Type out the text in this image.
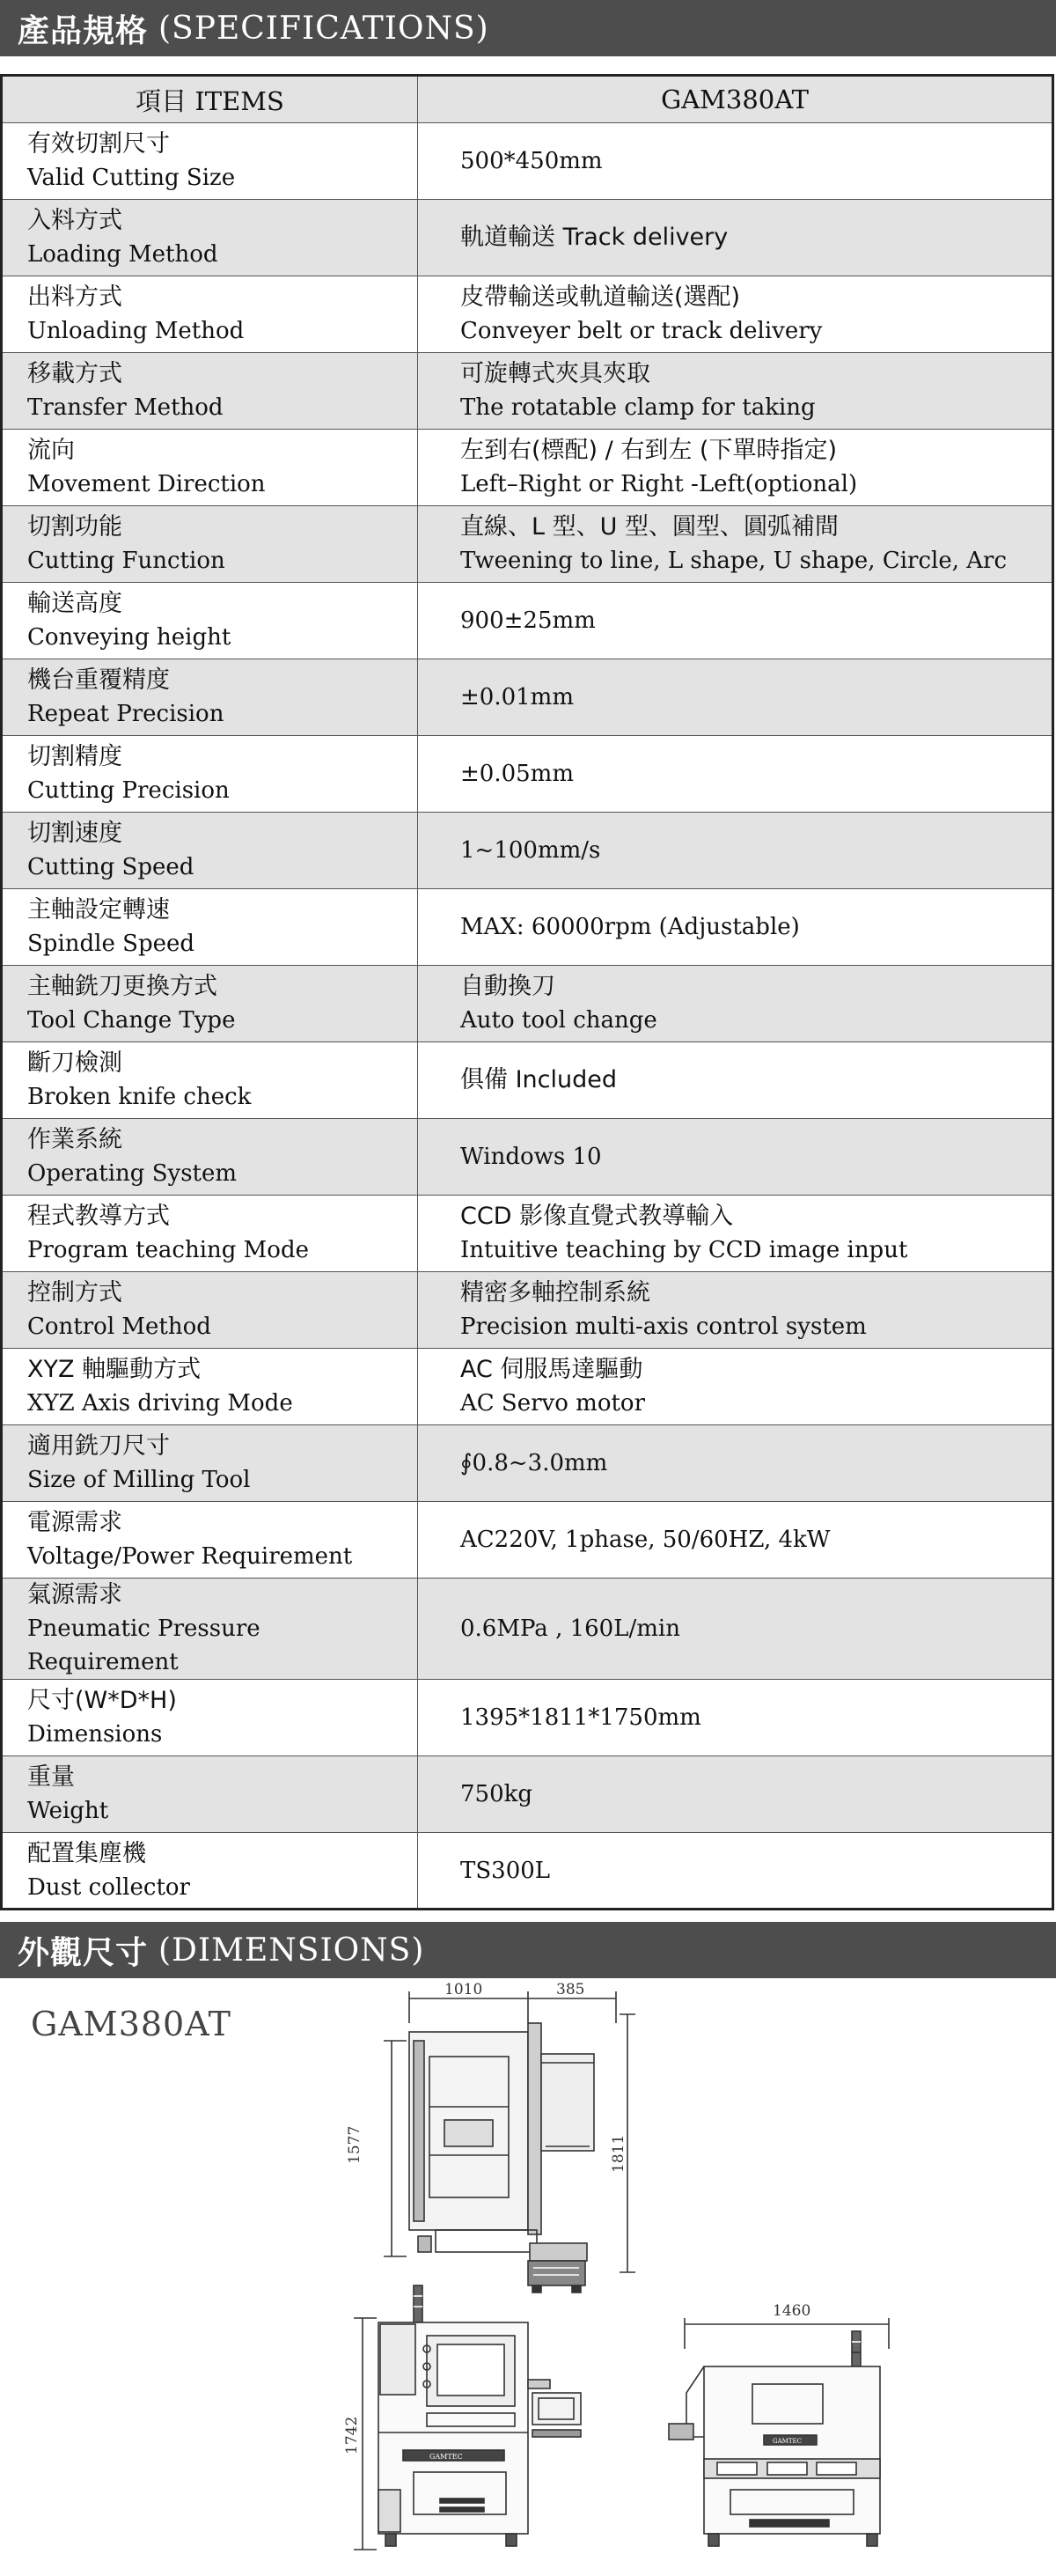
產品規格 (SPECIFICATIONS)
項目 ITEMS	GAM380AT

有效切割尺寸
Valid Cutting Size	500*450mm

入料方式
Loading Method	軌道輸送 Track delivery

出料方式
Unloading Method	皮帶輸送或軌道輸送(選配)
Conveyer belt or track delivery

移載方式
Transfer Method	可旋轉式夾具夾取
The rotatable clamp for taking

流向
Movement Direction	左到右(標配) / 右到左 (下單時指定)
Left–Right or Right -Left(optional)

切割功能
Cutting Function	直線、L 型、U 型、圓型、圓弧補間
Tweening to line, L shape, U shape, Circle, Arc

輸送高度
Conveying height	900±25mm

機台重覆精度
Repeat Precision	±0.01mm

切割精度
Cutting Precision	±0.05mm

切割速度
Cutting Speed	1~100mm/s

主軸設定轉速
Spindle Speed	MAX: 60000rpm (Adjustable)

主軸銑刀更換方式
Tool Change Type	自動換刀
Auto tool change

斷刀檢測
Broken knife check	俱備 Included

作業系統
Operating System	Windows 10

程式教導方式
Program teaching Mode	CCD 影像直覺式教導輸入
Intuitive teaching by CCD image input

控制方式
Control Method	精密多軸控制系統
Precision multi-axis control system

XYZ 軸驅動方式
XYZ Axis driving Mode	AC 伺服馬達驅動
AC Servo motor

適用銑刀尺寸
Size of Milling Tool	∮0.8~3.0mm

電源需求
Voltage/Power Requirement	AC220V, 1phase, 50/60HZ, 4kW

氣源需求
Pneumatic Pressure Requirement	0.6MPa , 160L/min

尺寸(W*D*H)
Dimensions	1395*1811*1750mm

重量
Weight	750kg

配置集塵機
Dust collector	TS300L
外觀尺寸 (DIMENSIONS)
GAM380AT
1010	385
1577	1811
1742
GAMTEC
1460
GAMTEC
